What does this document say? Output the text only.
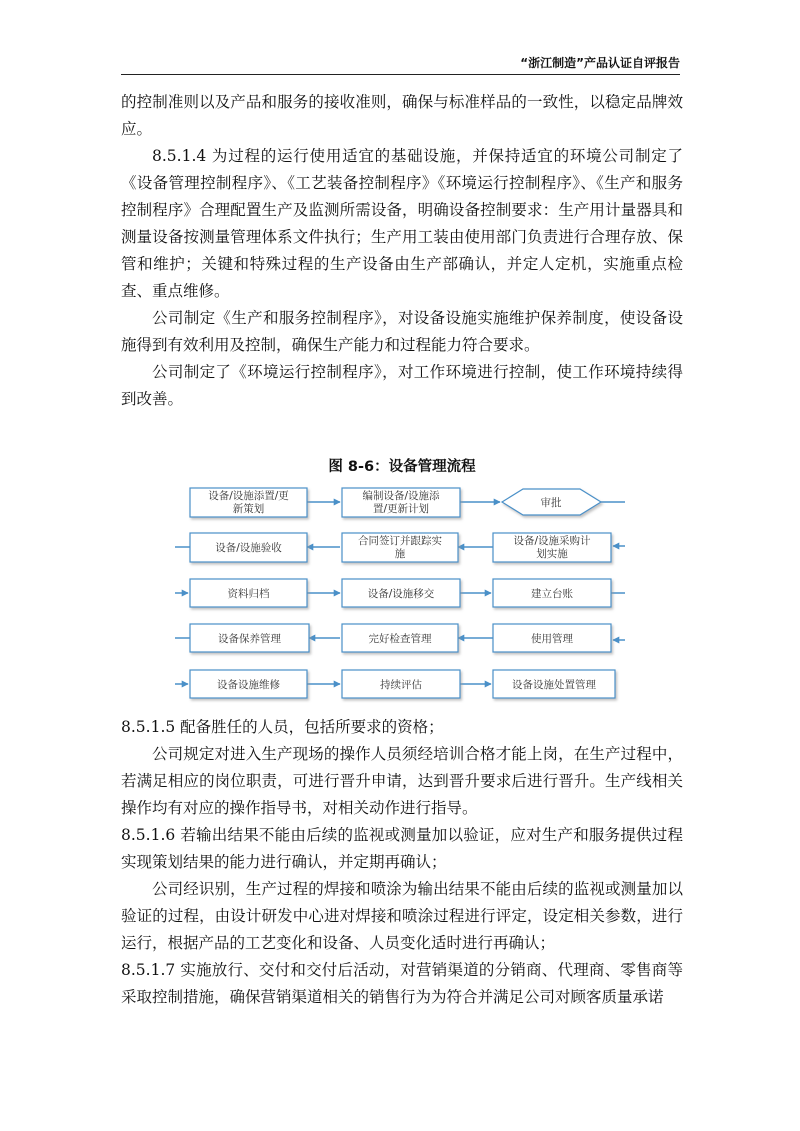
“浙江制造”产品认证自评报告

的控制准则以及产品和服务的接收准则，确保与标准样品的一致性，以稳定品牌效应。

8.5.1.4 为过程的运行使用适宜的基础设施，并保持适宜的环境公司制定了《设备管理控制程序》、《工艺装备控制程序》《环境运行控制程序》、《生产和服务控制程序》合理配置生产及监测所需设备，明确设备控制要求：生产用计量器具和测量设备按测量管理体系文件执行；生产用工装由使用部门负责进行合理存放、保管和维护；关键和特殊过程的生产设备由生产部确认，并定人定机，实施重点检查、重点维修。

公司制定《生产和服务控制程序》，对设备设施实施维护保养制度，使设备设施得到有效利用及控制，确保生产能力和过程能力符合要求。

公司制定了《环境运行控制程序》，对工作环境进行控制，使工作环境持续得到改善。

图 8-6：设备管理流程
设备/设施添置/更
新策划
编制设备/设施添
置/更新计划	审批
设备/设施采购计
划实施
合同签订并跟踪实
施
设备/设施验收
资料归档	设备/设施移交	建立台账
使用管理
完好检查管理
设备保养管理
设备设施维修	持续评估	设备设施处置管理

8.5.1.5 配备胜任的人员，包括所要求的资格；

公司规定对进入生产现场的操作人员须经培训合格才能上岗，在生产过程中，若满足相应的岗位职责，可进行晋升申请，达到晋升要求后进行晋升。生产线相关操作均有对应的操作指导书，对相关动作进行指导。

8.5.1.6 若输出结果不能由后续的监视或测量加以验证，应对生产和服务提供过程实现策划结果的能力进行确认，并定期再确认；

公司经识别，生产过程的焊接和喷涂为输出结果不能由后续的监视或测量加以验证的过程，由设计研发中心进对焊接和喷涂过程进行评定，设定相关参数，进行运行，根据产品的工艺变化和设备、人员变化适时进行再确认；

8.5.1.7 实施放行、交付和交付后活动，对营销渠道的分销商、代理商、零售商等采取控制措施，确保营销渠道相关的销售行为为符合并满足公司对顾客质量承诺
